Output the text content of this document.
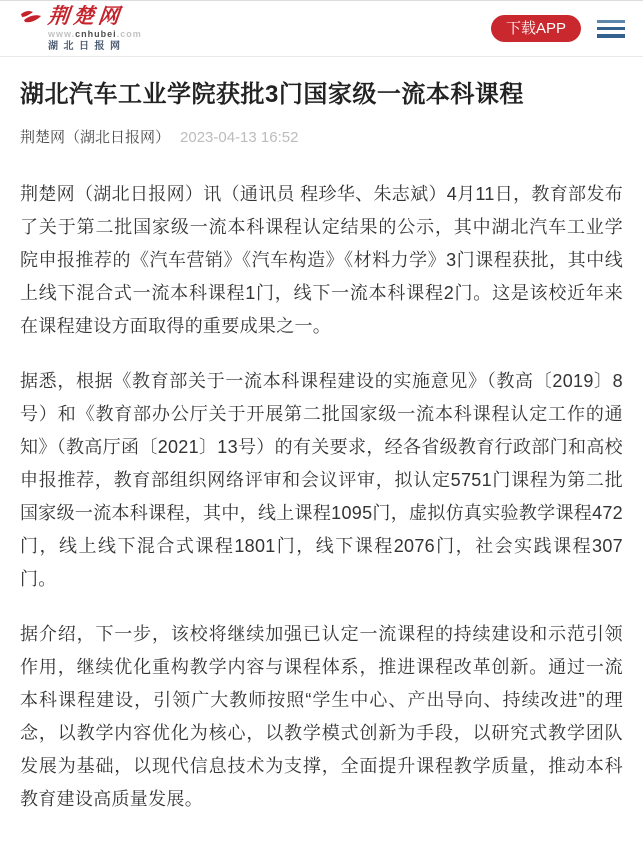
荆楚网
www.cnhubei.com
湖北日报网
下载APP
湖北汽车工业学院获批3门国家级一流本科课程
荆楚网（湖北日报网） 2023-04-13 16:52

荆楚网（湖北日报网）讯（通讯员 程珍华、朱志斌）4月11日，教育部发布了关于第二批国家级一流本科课程认定结果的公示，其中湖北汽车工业学院申报推荐的《汽车营销》《汽车构造》《材料力学》3门课程获批，其中线上线下混合式一流本科课程1门，线下一流本科课程2门。这是该校近年来在课程建设方面取得的重要成果之一。

据悉，根据《教育部关于一流本科课程建设的实施意见》（教高〔2019〕8号）和《教育部办公厅关于开展第二批国家级一流本科课程认定工作的通知》（教高厅函〔2021〕13号）的有关要求，经各省级教育行政部门和高校申报推荐，教育部组织网络评审和会议评审，拟认定5751门课程为第二批国家级一流本科课程，其中，线上课程1095门，虚拟仿真实验教学课程472门，线上线下混合式课程1801门，线下课程2076门，社会实践课程307门。

据介绍，下一步，该校将继续加强已认定一流课程的持续建设和示范引领作用，继续优化重构教学内容与课程体系，推进课程改革创新。通过一流本科课程建设，引领广大教师按照“学生中心、产出导向、持续改进”的理念，以教学内容优化为核心，以教学模式创新为手段，以研究式教学团队发展为基础，以现代信息技术为支撑，全面提升课程教学质量，推动本科教育建设高质量发展。
